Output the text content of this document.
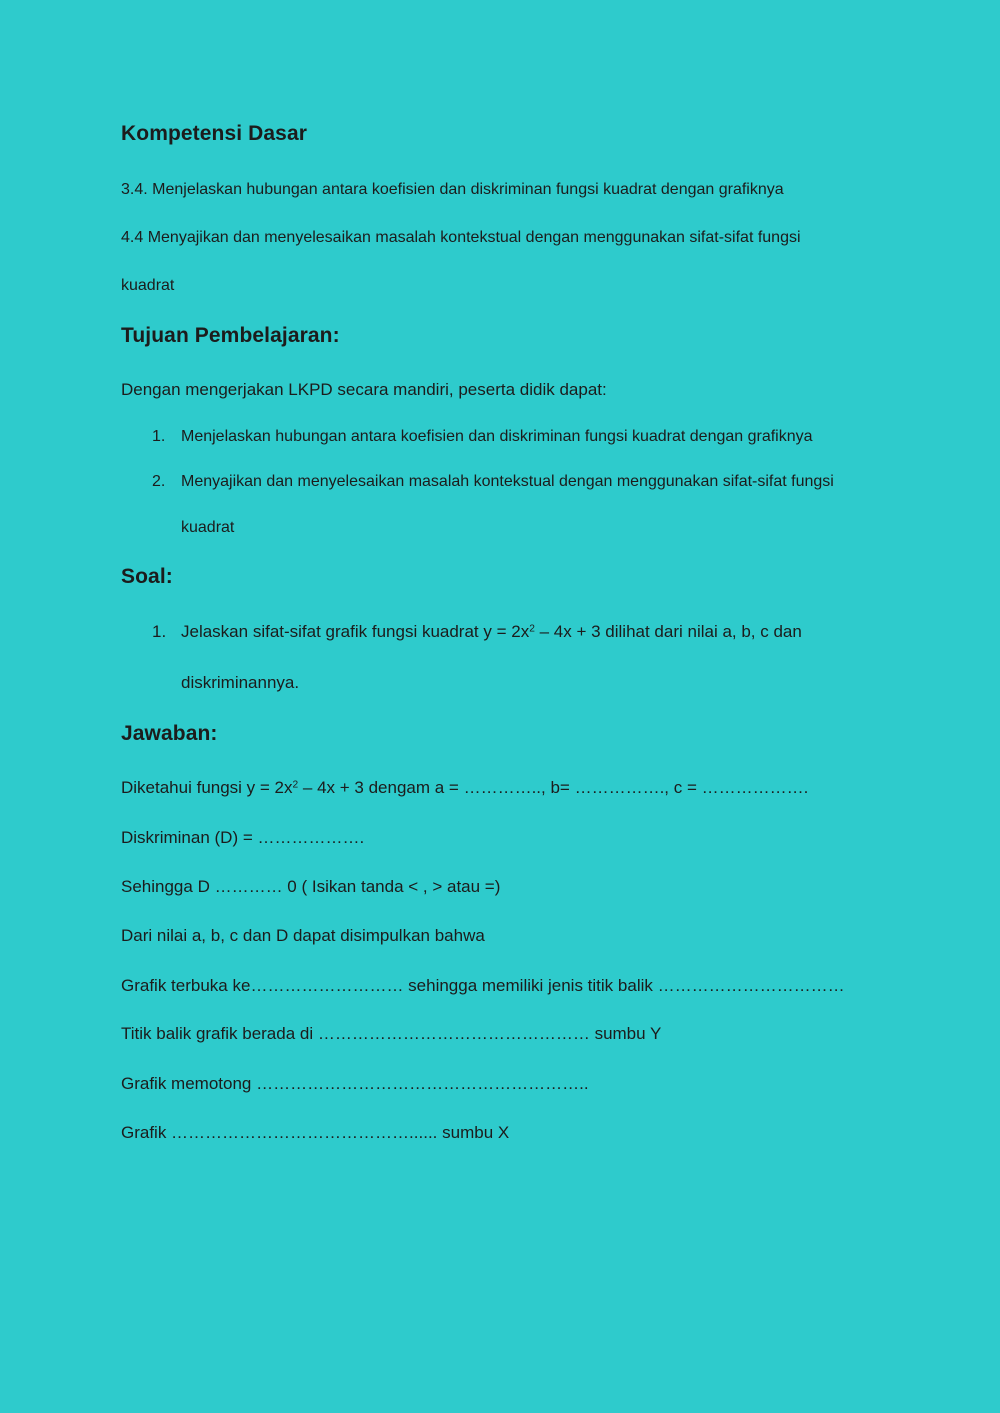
Kompetensi Dasar
3.4. Menjelaskan hubungan antara koefisien dan diskriminan fungsi kuadrat dengan grafiknya
4.4 Menyajikan dan menyelesaikan masalah kontekstual dengan menggunakan sifat-sifat fungsi
kuadrat
Tujuan Pembelajaran:
Dengan mengerjakan LKPD secara mandiri, peserta didik dapat:
1. Menjelaskan hubungan antara koefisien dan diskriminan fungsi kuadrat dengan grafiknya
2. Menyajikan dan menyelesaikan masalah kontekstual dengan menggunakan sifat-sifat fungsi
kuadrat
Soal:
1. Jelaskan sifat-sifat grafik fungsi kuadrat $y = 2x^2 - 4x + 3$ dilihat dari nilai a, b, c dan
diskriminannya.
Jawaban:
Diketahui fungsi $y = 2x^2 - 4x + 3$ dengam a = ………….., b= ……………., c = ……………….
Diskriminan (D) = ……………….
Sehingga D ………… 0 ( Isikan tanda < , > atau =)
Dari nilai a, b, c dan D dapat disimpulkan bahwa
Grafik terbuka ke……………………… sehingga memiliki jenis titik balik ……………………………
Titik balik grafik berada di ………………………………………… sumbu Y
Grafik memotong …………………………………………………..
Grafik ……………………………………...... sumbu X
